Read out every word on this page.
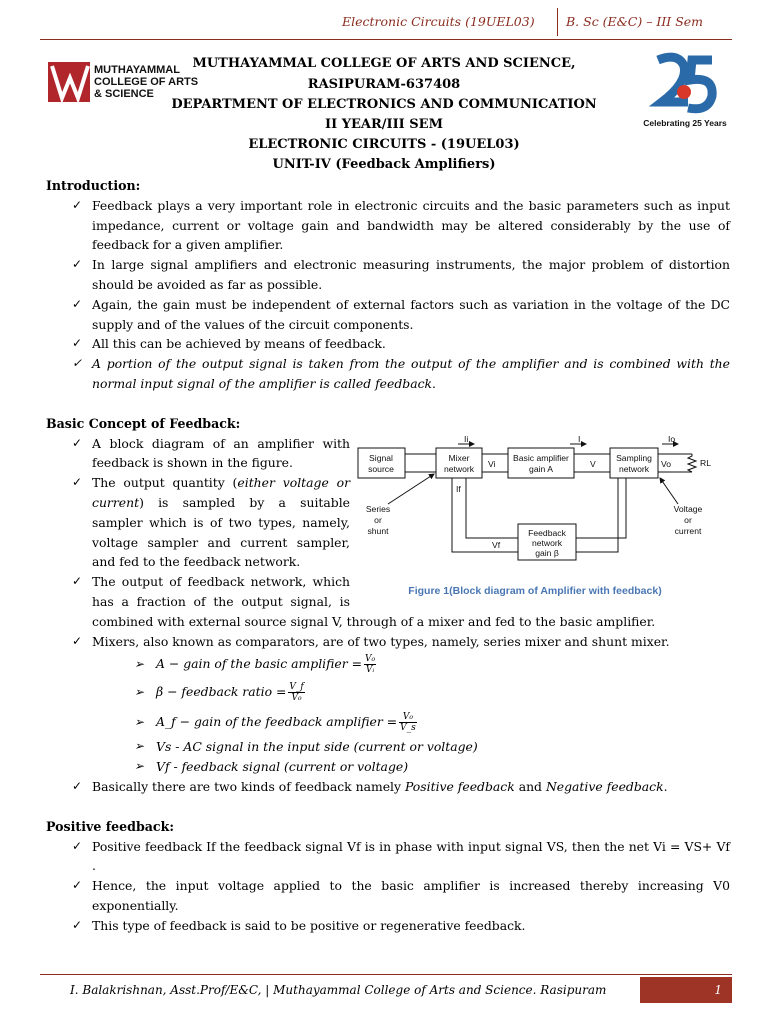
Electronic Circuits (19UEL03)	B. Sc (E&C) – III Sem
MUTHAYAMMAL
COLLEGE OF ARTS
& SCIENCE
Celebrating 25 Years
MUTHAYAMMAL COLLEGE OF ARTS AND SCIENCE,
RASIPURAM-637408
DEPARTMENT OF ELECTRONICS AND COMMUNICATION
II YEAR/III SEM
ELECTRONIC CIRCUITS - (19UEL03)
UNIT-IV (Feedback Amplifiers)
Introduction:
✓ Feedback plays a very important role in electronic circuits and the basic parameters such as input impedance, current or voltage gain and bandwidth may be altered considerably by the use of feedback for a given amplifier.
✓ In large signal amplifiers and electronic measuring instruments, the major problem of distortion should be avoided as far as possible.
✓ Again, the gain must be independent of external factors such as variation in the voltage of the DC supply and of the values of the circuit components.
✓ All this can be achieved by means of feedback.
✓ A portion of the output signal is taken from the output of the amplifier and is combined with the normal input signal of the amplifier is called feedback.
Basic Concept of Feedback:
Signal
source
Mixer
network
Basic amplifier
gain A
Sampling
network
RL
Feedback
network
gain β
Ii	I	Io
Vi	V	Vo
If
Vf
Series
or
shunt
Voltage
or
current
Figure 1(Block diagram of Amplifier with feedback)
✓ A block diagram of an amplifier with feedback is shown in the figure.
✓ The output quantity (either voltage or current) is sampled by a suitable sampler which is of two types, namely, voltage sampler and current sampler, and fed to the feedback network.
✓ The output of feedback network, which has a fraction of the output signal, is combined with external source signal V, through of a mixer and fed to the basic amplifier.
✓ Mixers, also known as comparators, are of two types, namely, series mixer and shunt mixer.
➢ A − gain of the basic amplifier = $\frac{\text{V₀}}{\text{Vᵢ}}$
➢ β − feedback ratio = $\frac{V\_f}{\text{V₀}}$
➢ A_f − gain of the feedback amplifier = $\frac{\text{V₀}}{V\_s}$
➢ Vs - AC signal in the input side (current or voltage)
➢ Vf - feedback signal (current or voltage)
✓ Basically there are two kinds of feedback namely Positive feedback and Negative feedback.
Positive feedback:
✓ Positive feedback If the feedback signal Vf is in phase with input signal VS, then the net Vi = VS+ Vf .
✓ Hence, the input voltage applied to the basic amplifier is increased thereby increasing V0 exponentially.
✓ This type of feedback is said to be positive or regenerative feedback.
I. Balakrishnan, Asst.Prof/E&C, | Muthayammal College of Arts and Science. Rasipuram	1
